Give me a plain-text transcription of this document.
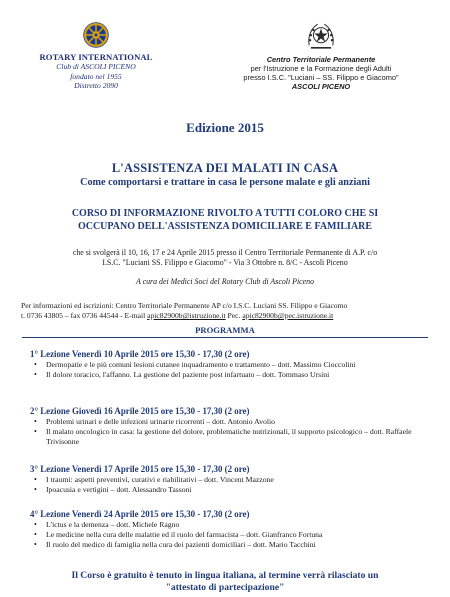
ROTARY INTERNATIONAL
Club di ASCOLI PICENO
fondato nel 1955
Distretto 2090
Centro Territoriale Permanente
per l'Istruzione e la Formazione degli Adulti
presso I.S.C. "Luciani – SS. Filippo e Giacomo"
ASCOLI PICENO
Edizione 2015
L'ASSISTENZA DEI MALATI IN CASA
Come comportarsi e trattare in casa le persone malate e gli anziani
CORSO DI INFORMAZIONE RIVOLTO A TUTTI COLORO CHE SI
OCCUPANO DELL'ASSISTENZA DOMICILIARE E FAMILIARE
che si svolgerà il 10, 16, 17 e 24 Aprile 2015 presso il Centro Territoriale Permanente di A.P. c/o
I.S.C. "Luciani SS. Filippo e Giacomo" - Via 3 Ottobre n. 8/C - Ascoli Piceno
A cura dei Medici Soci del Rotary Club di Ascoli Piceno
Per informazioni ed iscrizioni: Centro Territoriale Permanente AP c/o I.S.C. Luciani SS. Filippo e Giacomo
t. 0736 43805 – fax 0736 44544 - E-mail apic82900b@istruzione.it Pec. apic82900b@pec.istruzione.it
PROGRAMMA
1° Lezione Venerdì 10 Aprile 2015 ore 15,30 - 17,30 (2 ore)
• Dermopatie e le più comuni lesioni cutanee inquadramento e trattamento – dott. Massimo Cioccolini
• Il dolore toracico, l'affanno. La gestione del paziente post infartuato – dott. Tommaso Ursini
2° Lezione Giovedì 16 Aprile 2015 ore 15,30 - 17,30 (2 ore)
• Problemi urinari e delle infezioni urinarie ricorrenti – dott. Antonio Avolio
• Il malato oncologico in casa: la gestione del dolore, problematiche nutrizionali, il supporto psicologico – dott. Raffaele Trivisonne
3° Lezione Venerdì 17 Aprile 2015 ore 15,30 - 17,30 (2 ore)
• I traumi: aspetti preventivi, curativi e riabilitativi – dott. Vincent Mazzone
• Ipoacusia e vertigini – dott. Alessandro Tassoni
4° Lezione Venerdì 24 Aprile 2015 ore 15,30 - 17,30 (2 ore)
• L'ictus e la demenza – dott. Michele Ragno
• Le medicine nella cura delle malattie ed il ruolo del farmacista – dott. Gianfranco Fortuna
• Il ruolo del medico di famiglia nella cura dei pazienti domiciliari – dott. Mario Tacchini
Il Corso è gratuito è tenuto in lingua italiana, al termine verrà rilasciato un
"attestato di partecipazione"
